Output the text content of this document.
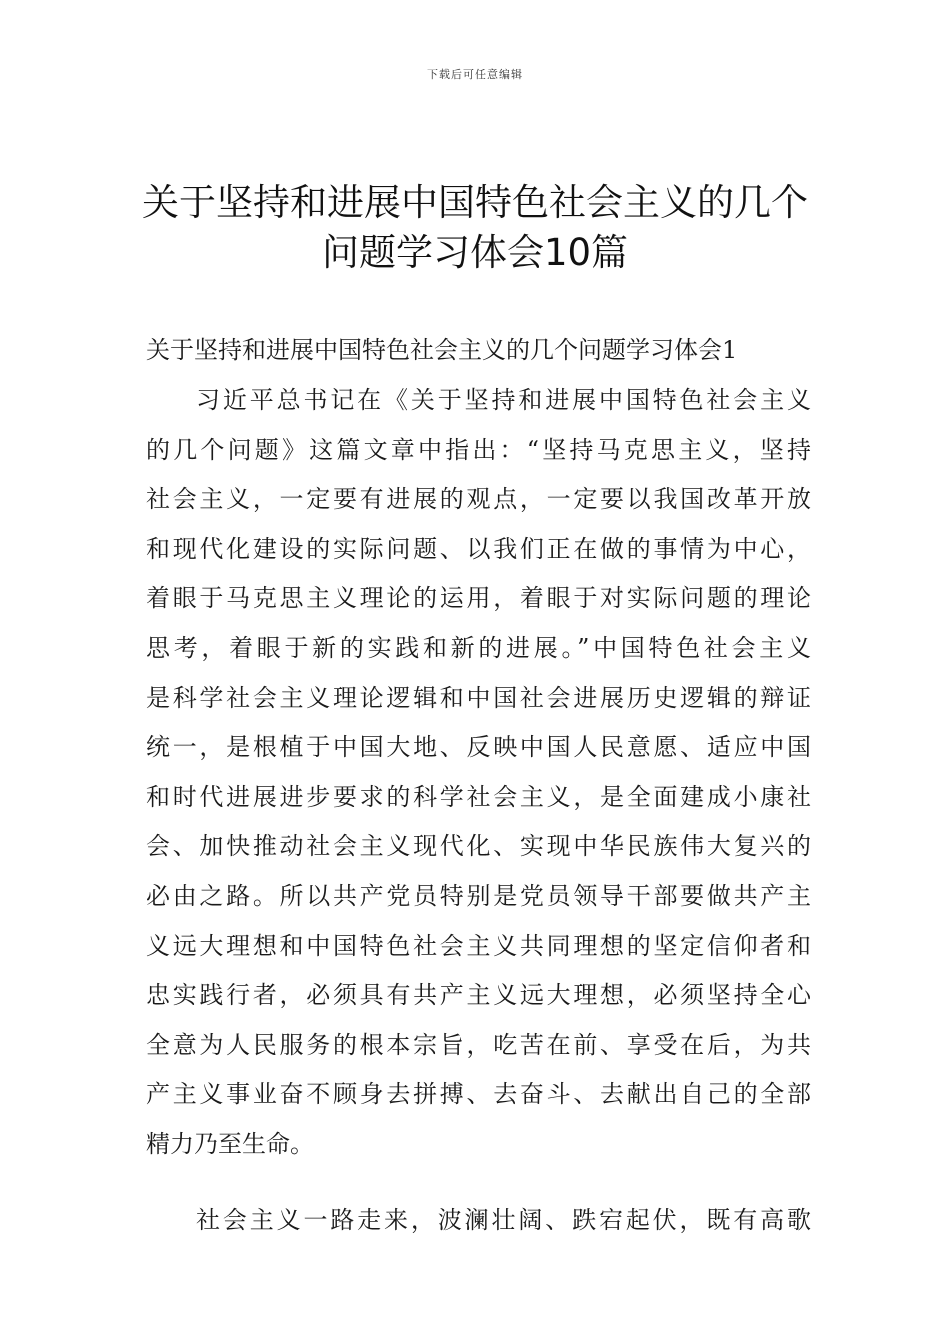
下载后可任意编辑
关于坚持和进展中国特色社会主义的几个
问题学习体会10篇
关于坚持和进展中国特色社会主义的几个问题学习体会1
习近平总书记在《关于坚持和进展中国特色社会主义
的几个问题》这篇文章中指出：“坚持马克思主义，坚持
社会主义，一定要有进展的观点，一定要以我国改革开放
和现代化建设的实际问题、以我们正在做的事情为中心，
着眼于马克思主义理论的运用，着眼于对实际问题的理论
思考，着眼于新的实践和新的进展。”中国特色社会主义
是科学社会主义理论逻辑和中国社会进展历史逻辑的辩证
统一，是根植于中国大地、反映中国人民意愿、适应中国
和时代进展进步要求的科学社会主义，是全面建成小康社
会、加快推动社会主义现代化、实现中华民族伟大复兴的
必由之路。所以共产党员特别是党员领导干部要做共产主
义远大理想和中国特色社会主义共同理想的坚定信仰者和
忠实践行者，必须具有共产主义远大理想，必须坚持全心
全意为人民服务的根本宗旨，吃苦在前、享受在后，为共
产主义事业奋不顾身去拼搏、去奋斗、去献出自己的全部
精力乃至生命。
社会主义一路走来，波澜壮阔、跌宕起伏，既有高歌
